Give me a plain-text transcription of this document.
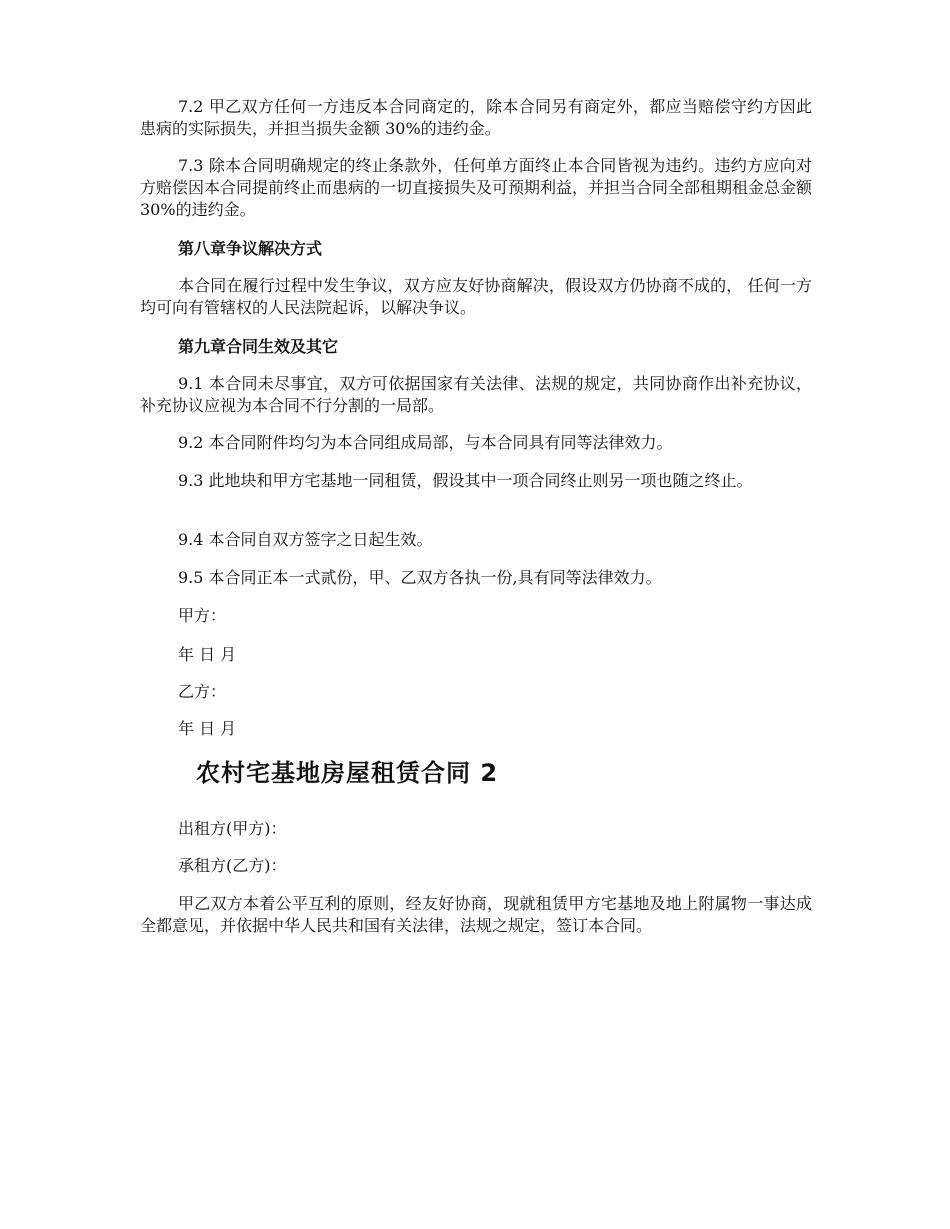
7.2 甲乙双方任何一方违反本合同商定的，除本合同另有商定外，都应当赔偿守约方因此患病的实际损失，并担当损失金额 30%的违约金。

7.3 除本合同明确规定的终止条款外，任何单方面终止本合同皆视为违约。违约方应向对方赔偿因本合同提前终止而患病的一切直接损失及可预期利益，并担当合同全部租期租金总金额 30%的违约金。

第八章争议解决方式

本合同在履行过程中发生争议，双方应友好协商解决，假设双方仍协商不成的， 任何一方均可向有管辖权的人民法院起诉，以解决争议。

第九章合同生效及其它

9.1 本合同未尽事宜，双方可依据国家有关法律、法规的规定，共同协商作出补充协议，补充协议应视为本合同不行分割的一局部。

9.2 本合同附件均匀为本合同组成局部，与本合同具有同等法律效力。

9.3 此地块和甲方宅基地一同租赁，假设其中一项合同终止则另一项也随之终止。

9.4 本合同自双方签字之日起生效。

9.5 本合同正本一式贰份，甲、乙双方各执一份,具有同等法律效力。

甲方：

年 日 月

乙方：

年 日 月

农村宅基地房屋租赁合同 2

出租方(甲方)：

承租方(乙方)：

甲乙双方本着公平互利的原则，经友好协商，现就租赁甲方宅基地及地上附属物一事达成全都意见，并依据中华人民共和国有关法律，法规之规定，签订本合同。
